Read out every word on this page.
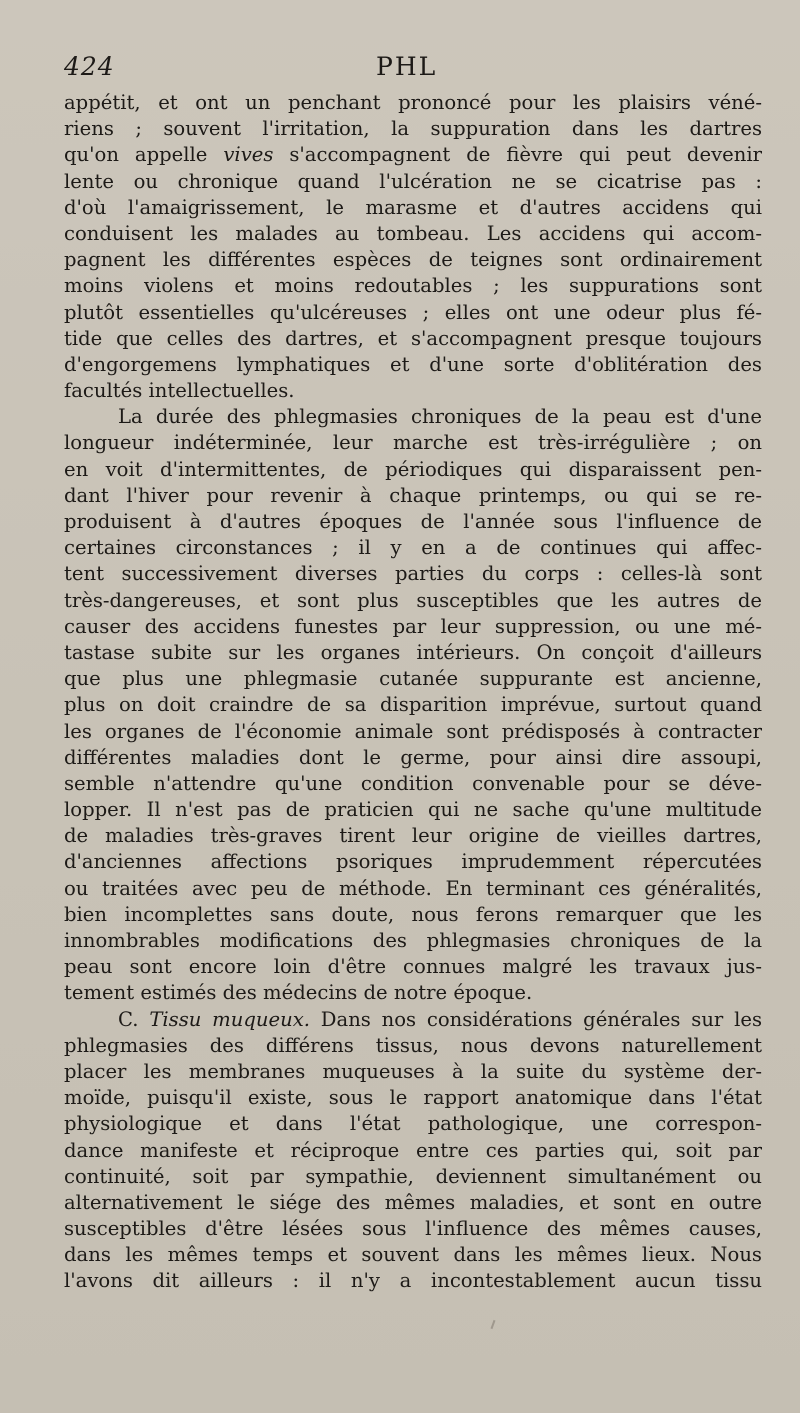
424	PHL
appétit, et ont un penchant prononcé pour les plaisirs véné-
riens ; souvent l'irritation, la suppuration dans les dartres
qu'on appelle vives s'accompagnent de fièvre qui peut devenir
lente ou chronique quand l'ulcération ne se cicatrise pas :
d'où l'amaigrissement, le marasme et d'autres accidens qui
conduisent les malades au tombeau. Les accidens qui accom-
pagnent les différentes espèces de teignes sont ordinairement
moins violens et moins redoutables ; les suppurations sont
plutôt essentielles qu'ulcéreuses ; elles ont une odeur plus fé-
tide que celles des dartres, et s'accompagnent presque toujours
d'engorgemens lymphatiques et d'une sorte d'oblitération des
facultés intellectuelles.
La durée des phlegmasies chroniques de la peau est d'une
longueur indéterminée, leur marche est très-irrégulière ; on
en voit d'intermittentes, de périodiques qui disparaissent pen-
dant l'hiver pour revenir à chaque printemps, ou qui se re-
produisent à d'autres époques de l'année sous l'influence de
certaines circonstances ; il y en a de continues qui affec-
tent successivement diverses parties du corps : celles-là sont
très-dangereuses, et sont plus susceptibles que les autres de
causer des accidens funestes par leur suppression, ou une mé-
tastase subite sur les organes intérieurs. On conçoit d'ailleurs
que plus une phlegmasie cutanée suppurante est ancienne,
plus on doit craindre de sa disparition imprévue, surtout quand
les organes de l'économie animale sont prédisposés à contracter
différentes maladies dont le germe, pour ainsi dire assoupi,
semble n'attendre qu'une condition convenable pour se déve-
lopper. Il n'est pas de praticien qui ne sache qu'une multitude
de maladies très-graves tirent leur origine de vieilles dartres,
d'anciennes affections psoriques imprudemment répercutées
ou traitées avec peu de méthode. En terminant ces généralités,
bien incomplettes sans doute, nous ferons remarquer que les
innombrables modifications des phlegmasies chroniques de la
peau sont encore loin d'être connues malgré les travaux jus-
tement estimés des médecins de notre époque.
C. Tissu muqueux. Dans nos considérations générales sur les
phlegmasies des différens tissus, nous devons naturellement
placer les membranes muqueuses à la suite du système der-
moïde, puisqu'il existe, sous le rapport anatomique dans l'état
physiologique et dans l'état pathologique, une correspon-
dance manifeste et réciproque entre ces parties qui, soit par
continuité, soit par sympathie, deviennent simultanément ou
alternativement le siége des mêmes maladies, et sont en outre
susceptibles d'être lésées sous l'influence des mêmes causes,
dans les mêmes temps et souvent dans les mêmes lieux. Nous
l'avons dit ailleurs : il n'y a incontestablement aucun tissu
